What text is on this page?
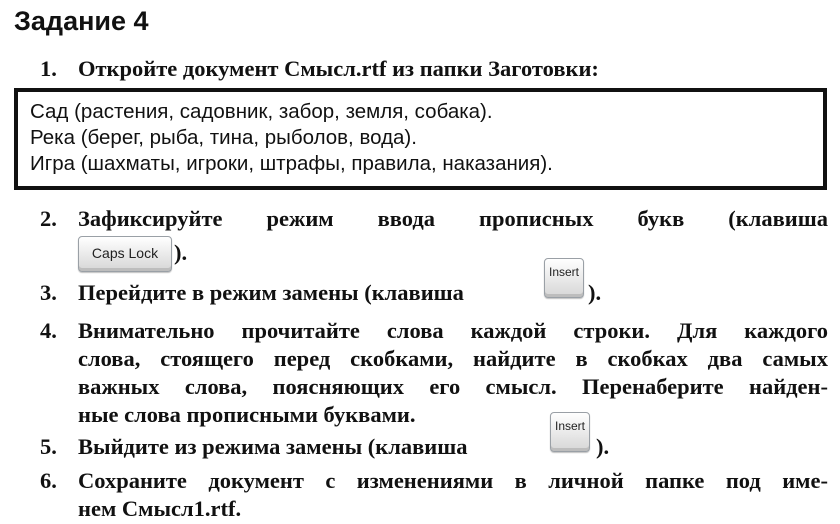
Задание 4
1. Откройте документ Смысл.rtf из папки Заготовки:
Сад (растения, садовник, забор, земля, собака).
Река (берег, рыба, тина, рыболов, вода).
Игра (шахматы, игроки, штрафы, правила, наказания).
2. Зафиксируйте режим ввода прописных букв (клавиша
Caps Lock ).
3. Перейдите в режим замены (клавиша
Insert
).
4. Внимательно прочитайте слова каждой строки. Для каждого
слова, стоящего перед скобками, найдите в скобках два самых
важных слова, поясняющих его смысл. Перенаберите найден-
ные слова прописными буквами.
5. Выйдите из режима замены (клавиша
Insert
).
6. Сохраните документ с изменениями в личной папке под име-
нем Смысл1.rtf.
